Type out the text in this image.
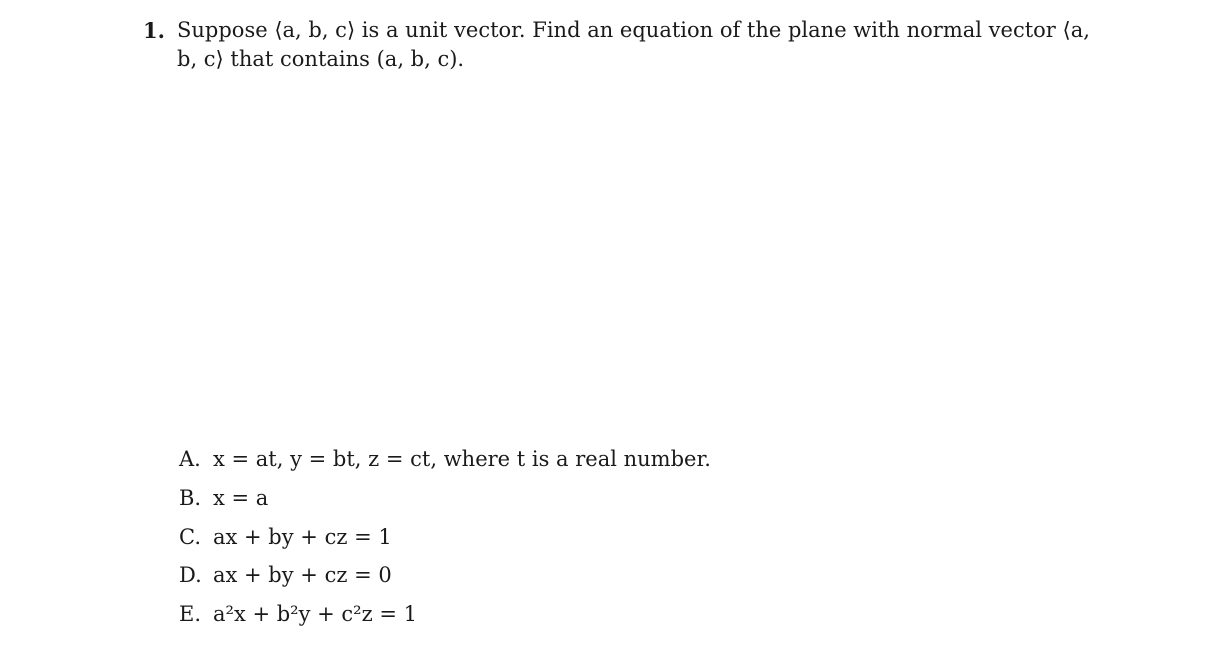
1. Suppose ⟨a, b, c⟩ is a unit vector. Find an equation of the plane with normal vector ⟨a, b, c⟩ that contains (a, b, c).
A. x = at, y = bt, z = ct, where t is a real number.
B. x = a
C. ax + by + cz = 1
D. ax + by + cz = 0
E. a²x + b²y + c²z = 1
